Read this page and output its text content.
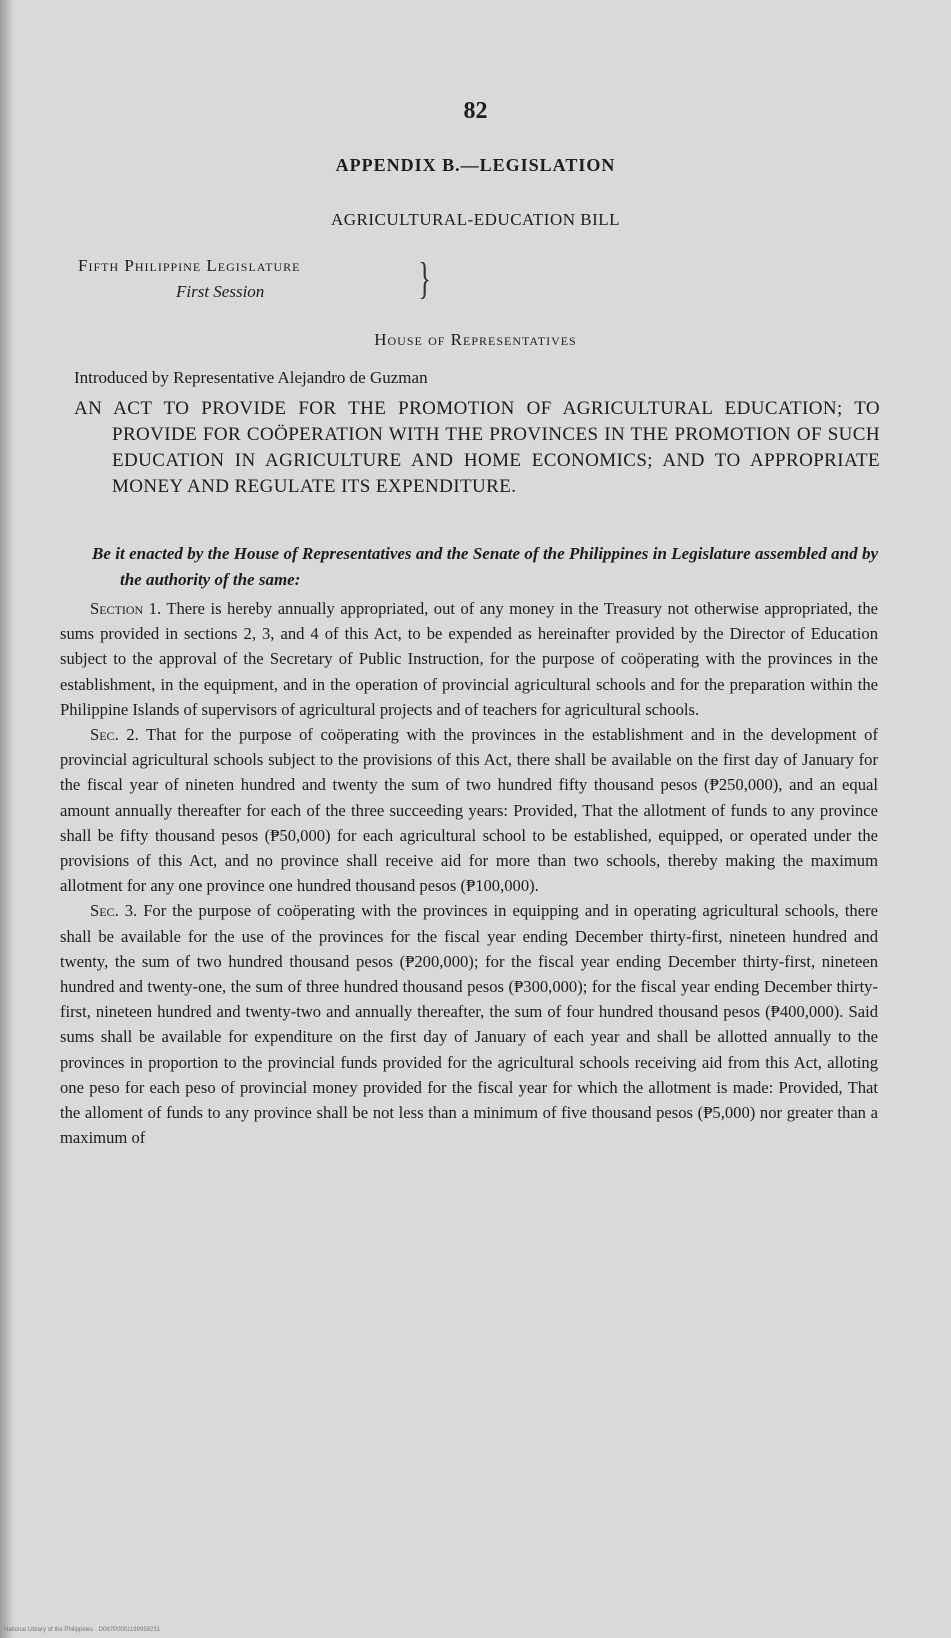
82
APPENDIX B.—LEGISLATION
AGRICULTURAL-EDUCATION BILL
Fifth Philippine Legislature
First Session	}
House of Representatives
Introduced by Representative Alejandro de Guzman
AN ACT TO PROVIDE FOR THE PROMOTION OF AGRICULTURAL EDUCATION; TO PROVIDE FOR COÖPERATION WITH THE PROVINCES IN THE PROMOTION OF SUCH EDUCATION IN AGRICULTURE AND HOME ECONOMICS; AND TO APPROPRIATE MONEY AND REGULATE ITS EXPENDITURE.
Be it enacted by the House of Representatives and the Senate of the Philippines in Legislature assembled and by the authority of the same:

Section 1. There is hereby annually appropriated, out of any money in the Treasury not otherwise appropriated, the sums provided in sections 2, 3, and 4 of this Act, to be expended as hereinafter provided by the Director of Education subject to the approval of the Secretary of Public Instruction, for the purpose of coöperating with the provinces in the establishment, in the equipment, and in the operation of provincial agricultural schools and for the preparation within the Philippine Islands of supervisors of agricultural projects and of teachers for agricultural schools.

Sec. 2. That for the purpose of coöperating with the provinces in the establishment and in the development of provincial agricultural schools subject to the provisions of this Act, there shall be available on the first day of January for the fiscal year of nineten hundred and twenty the sum of two hundred fifty thousand pesos (₱250,000), and an equal amount annually thereafter for each of the three succeeding years: Provided, That the allotment of funds to any province shall be fifty thousand pesos (₱50,000) for each agricultural school to be established, equipped, or operated under the provisions of this Act, and no province shall receive aid for more than two schools, thereby making the maximum allotment for any one province one hundred thousand pesos (₱100,000).

Sec. 3. For the purpose of coöperating with the provinces in equipping and in operating agricultural schools, there shall be available for the use of the provinces for the fiscal year ending December thirty-first, nineteen hundred and twenty, the sum of two hundred thousand pesos (₱200,000); for the fiscal year ending December thirty-first, nineteen hundred and twenty-one, the sum of three hundred thousand pesos (₱300,000); for the fiscal year ending December thirty-first, nineteen hundred and twenty-two and annually thereafter, the sum of four hundred thousand pesos (₱400,000). Said sums shall be available for expenditure on the first day of January of each year and shall be allotted annually to the provinces in proportion to the provincial funds provided for the agricultural schools receiving aid from this Act, alloting one peso for each peso of provincial money provided for the fiscal year for which the allotment is made: Provided, That the alloment of funds to any province shall be not less than a minimum of five thousand pesos (₱5,000) nor greater than a maximum of

National Library of the Philippines · D087P0001199958231
